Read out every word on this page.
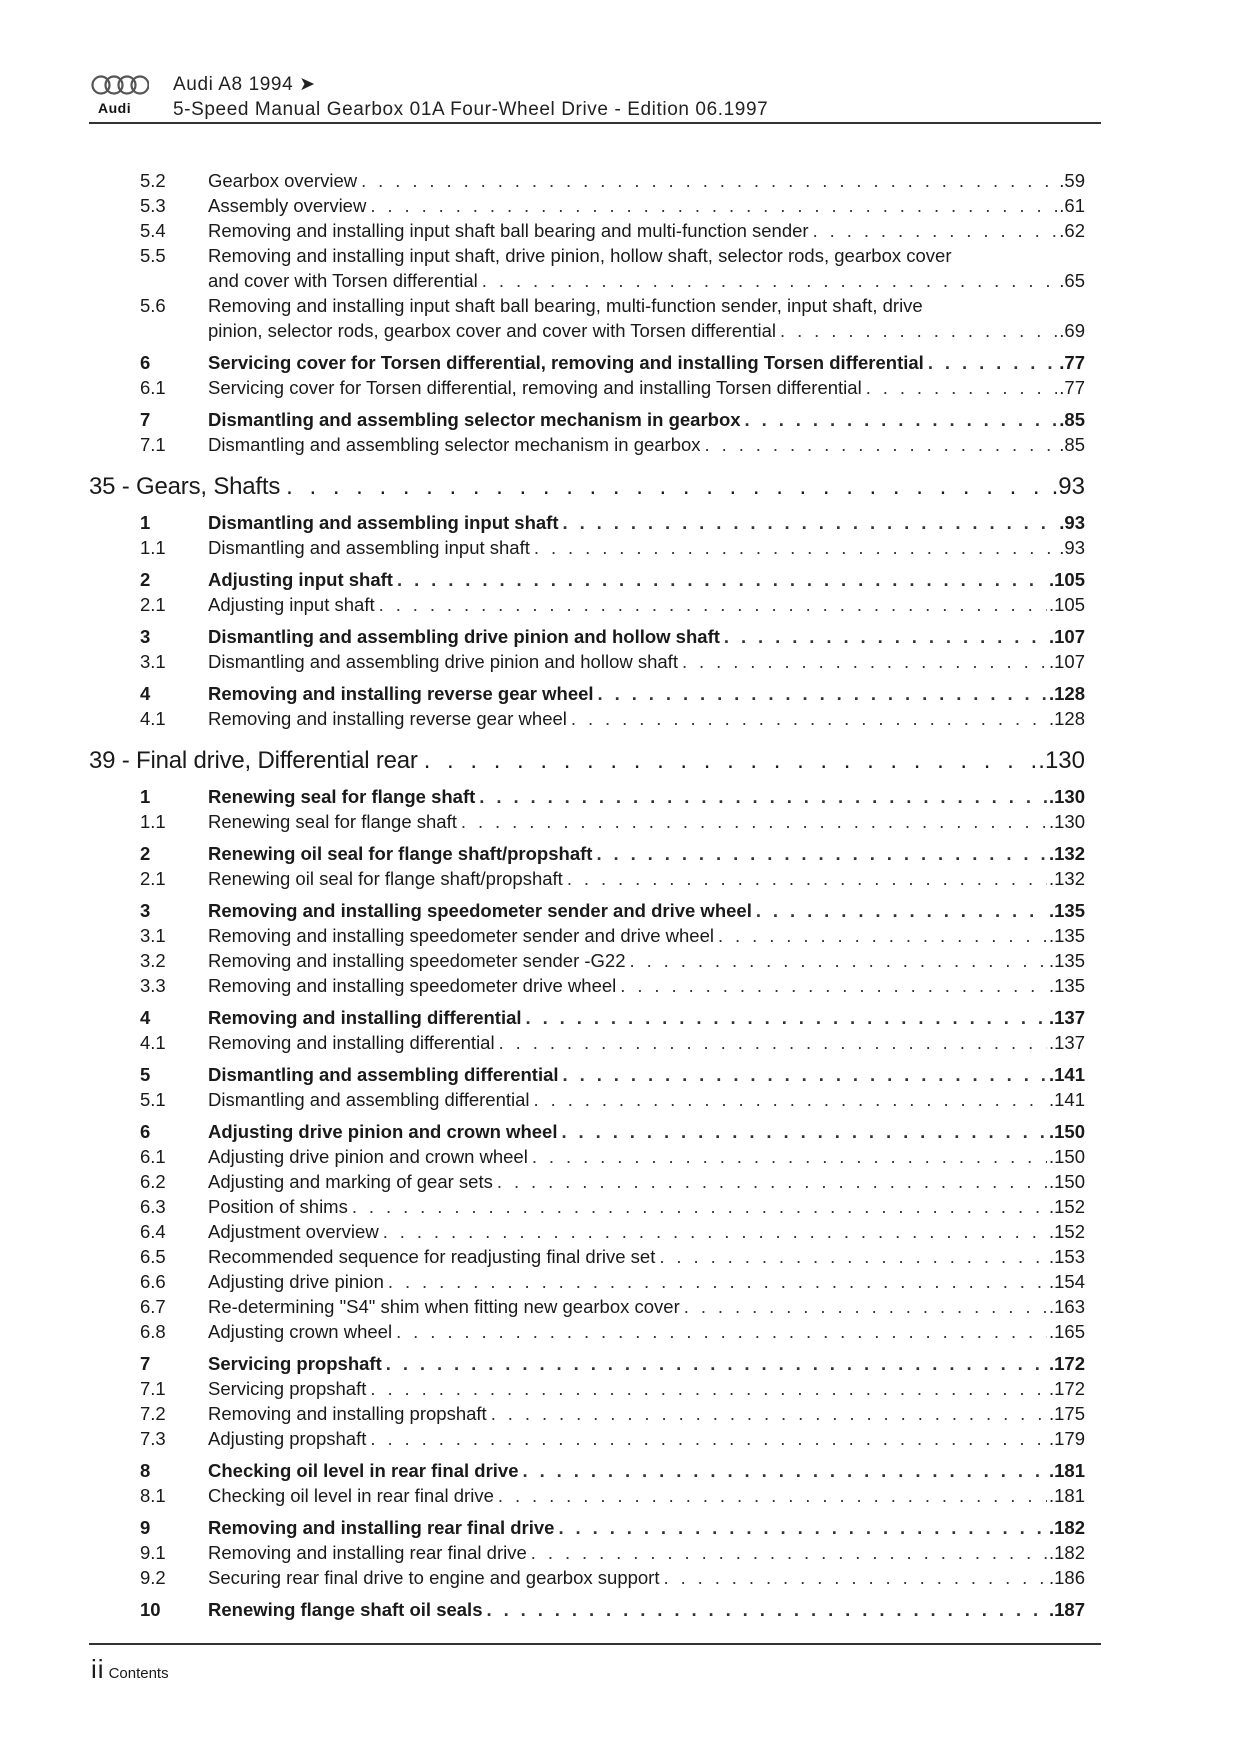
Audi
Audi A8 1994 ➤
5-Speed Manual Gearbox 01A Four-Wheel Drive - Edition 06.1997
5.2	Gearbox overview . . .	.59
5.3	Assembly overview . . .	.61
5.4	Removing and installing input shaft ball bearing and multi-function sender . . .	.62
5.5	Removing and installing input shaft, drive pinion, hollow shaft, selector rods, gearbox cover
and cover with Torsen differential . . .	.65
5.6	Removing and installing input shaft ball bearing, multi-function sender, input shaft, drive
pinion, selector rods, gearbox cover and cover with Torsen differential . . .	.69
6	Servicing cover for Torsen differential, removing and installing Torsen differential . . .	.77
6.1	Servicing cover for Torsen differential, removing and installing Torsen differential . . .	.77
7	Dismantling and assembling selector mechanism in gearbox . . .	.85
7.1	Dismantling and assembling selector mechanism in gearbox . . .	.85
35 - Gears, Shafts . . .	.93
1	Dismantling and assembling input shaft . . .	.93
1.1	Dismantling and assembling input shaft . . .	.93
2	Adjusting input shaft . . .	.105
2.1	Adjusting input shaft . . .	.105
3	Dismantling and assembling drive pinion and hollow shaft . . .	.107
3.1	Dismantling and assembling drive pinion and hollow shaft . . .	.107
4	Removing and installing reverse gear wheel . . .	.128
4.1	Removing and installing reverse gear wheel . . .	.128
39 - Final drive, Differential rear . . .	.130
1	Renewing seal for flange shaft . . .	.130
1.1	Renewing seal for flange shaft . . .	.130
2	Renewing oil seal for flange shaft/propshaft . . .	.132
2.1	Renewing oil seal for flange shaft/propshaft . . .	.132
3	Removing and installing speedometer sender and drive wheel . . .	.135
3.1	Removing and installing speedometer sender and drive wheel . . .	.135
3.2	Removing and installing speedometer sender -G22 . . .	.135
3.3	Removing and installing speedometer drive wheel . . .	.135
4	Removing and installing differential . . .	.137
4.1	Removing and installing differential . . .	.137
5	Dismantling and assembling differential . . .	.141
5.1	Dismantling and assembling differential . . .	.141
6	Adjusting drive pinion and crown wheel . . .	.150
6.1	Adjusting drive pinion and crown wheel . . .	.150
6.2	Adjusting and marking of gear sets . . .	.150
6.3	Position of shims . . .	.152
6.4	Adjustment overview . . .	.152
6.5	Recommended sequence for readjusting final drive set . . .	.153
6.6	Adjusting drive pinion . . .	.154
6.7	Re-determining "S4" shim when fitting new gearbox cover . . .	.163
6.8	Adjusting crown wheel . . .	.165
7	Servicing propshaft . . .	.172
7.1	Servicing propshaft . . .	.172
7.2	Removing and installing propshaft . . .	.175
7.3	Adjusting propshaft . . .	.179
8	Checking oil level in rear final drive . . .	.181
8.1	Checking oil level in rear final drive . . .	.181
9	Removing and installing rear final drive . . .	.182
9.1	Removing and installing rear final drive . . .	.182
9.2	Securing rear final drive to engine and gearbox support . . .	.186
10	Renewing flange shaft oil seals . . .	.187
ii Contents
